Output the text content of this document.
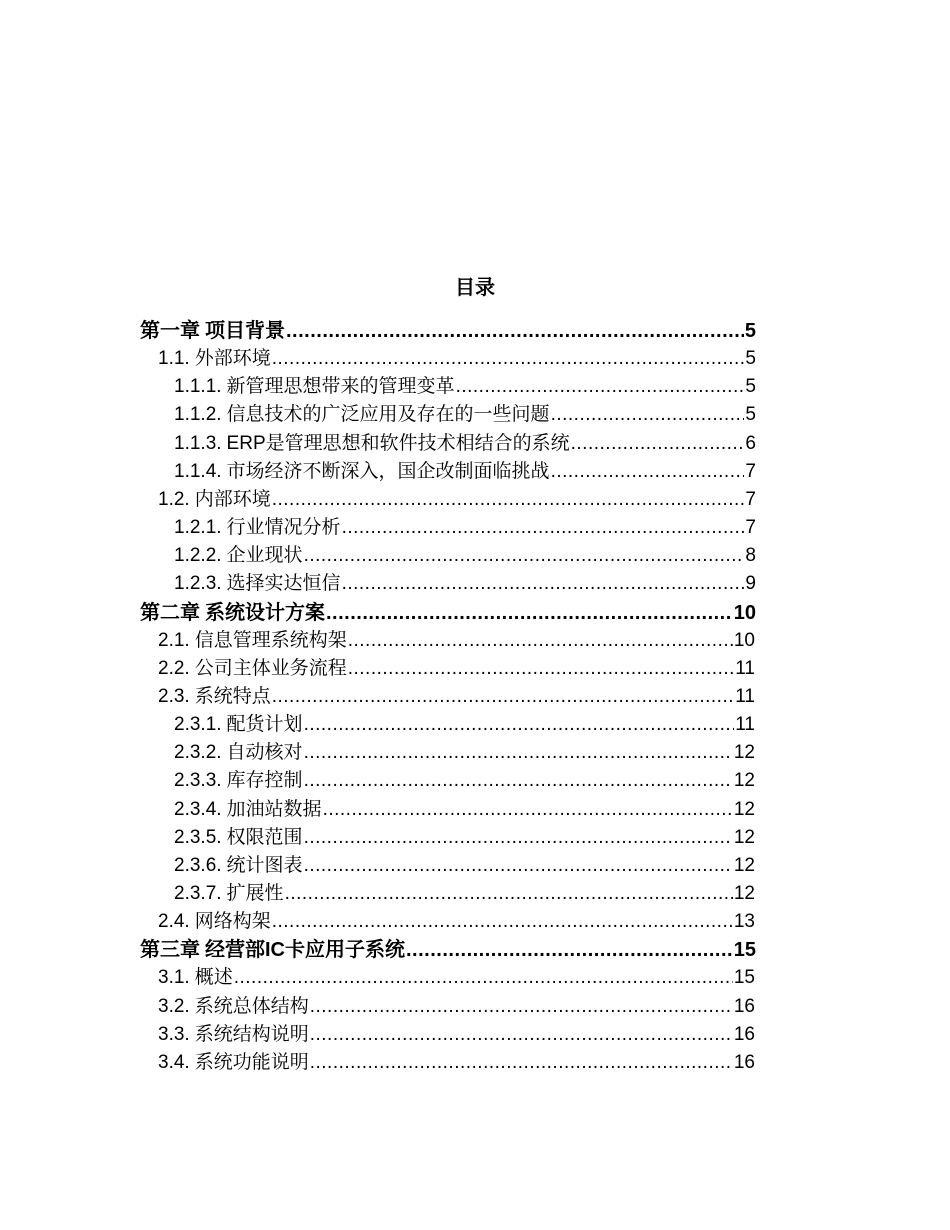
目录
第一章 项目背景 .....	5
1.1. 外部环境 .....	5
1.1.1. 新管理思想带来的管理变革 .....	5
1.1.2. 信息技术的广泛应用及存在的一些问题 .....	5
1.1.3. ERP是管理思想和软件技术相结合的系统 .....	6
1.1.4. 市场经济不断深入，国企改制面临挑战 .....	7
1.2. 内部环境 .....	7
1.2.1. 行业情况分析 .....	7
1.2.2. 企业现状 .....	8
1.2.3. 选择实达恒信 .....	9
第二章 系统设计方案 .....	10
2.1. 信息管理系统构架 .....	10
2.2. 公司主体业务流程 .....	11
2.3. 系统特点 .....	11
2.3.1. 配货计划 .....	11
2.3.2. 自动核对 .....	12
2.3.3. 库存控制 .....	12
2.3.4. 加油站数据 .....	12
2.3.5. 权限范围 .....	12
2.3.6. 统计图表 .....	12
2.3.7. 扩展性 .....	12
2.4. 网络构架 .....	13
第三章 经营部IC卡应用子系统 .....	15
3.1. 概述 .....	15
3.2. 系统总体结构 .....	16
3.3. 系统结构说明 .....	16
3.4. 系统功能说明 .....	16
